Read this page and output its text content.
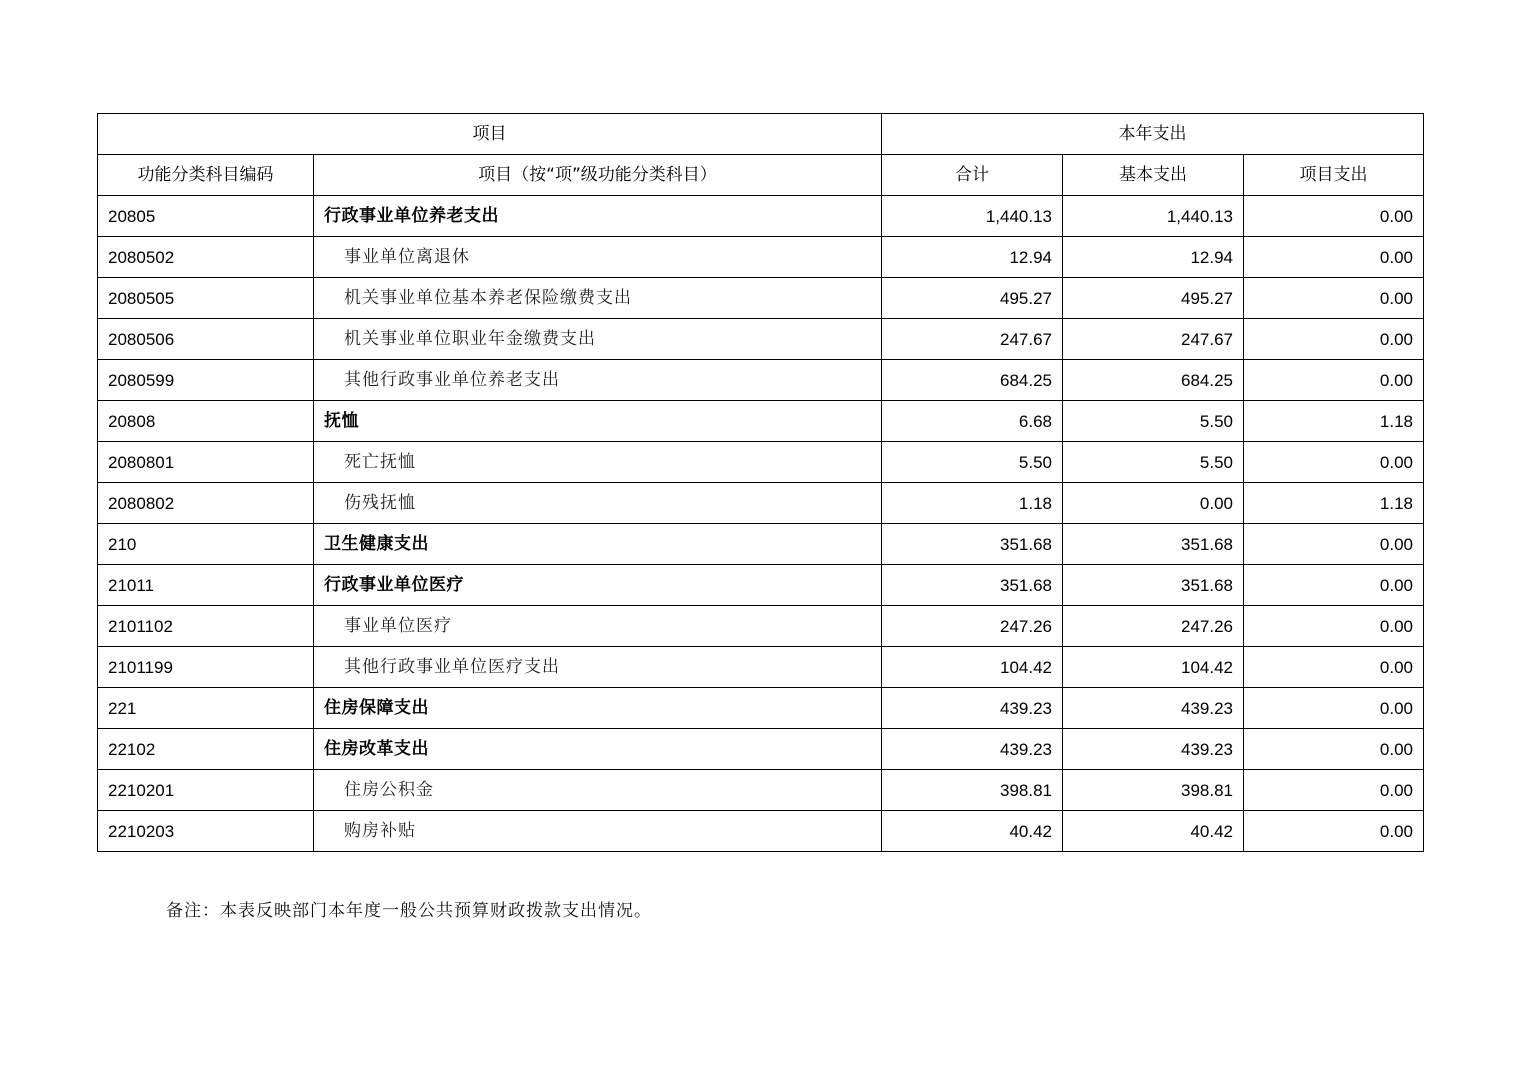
项目		本年支出		
功能分类科目编码	项目（按“项”级功能分类科目）	合计	基本支出	项目支出
20805	行政事业单位养老支出	1,440.13	1,440.13	0.00
2080502	事业单位离退休	12.94	12.94	0.00
2080505	机关事业单位基本养老保险缴费支出	495.27	495.27	0.00
2080506	机关事业单位职业年金缴费支出	247.67	247.67	0.00
2080599	其他行政事业单位养老支出	684.25	684.25	0.00
20808	抚恤	6.68	5.50	1.18
2080801	死亡抚恤	5.50	5.50	0.00
2080802	伤残抚恤	1.18	0.00	1.18
210	卫生健康支出	351.68	351.68	0.00
21011	行政事业单位医疗	351.68	351.68	0.00
2101102	事业单位医疗	247.26	247.26	0.00
2101199	其他行政事业单位医疗支出	104.42	104.42	0.00
221	住房保障支出	439.23	439.23	0.00
22102	住房改革支出	439.23	439.23	0.00
2210201	住房公积金	398.81	398.81	0.00
2210203	购房补贴	40.42	40.42	0.00
备注：本表反映部门本年度一般公共预算财政拨款支出情况。
